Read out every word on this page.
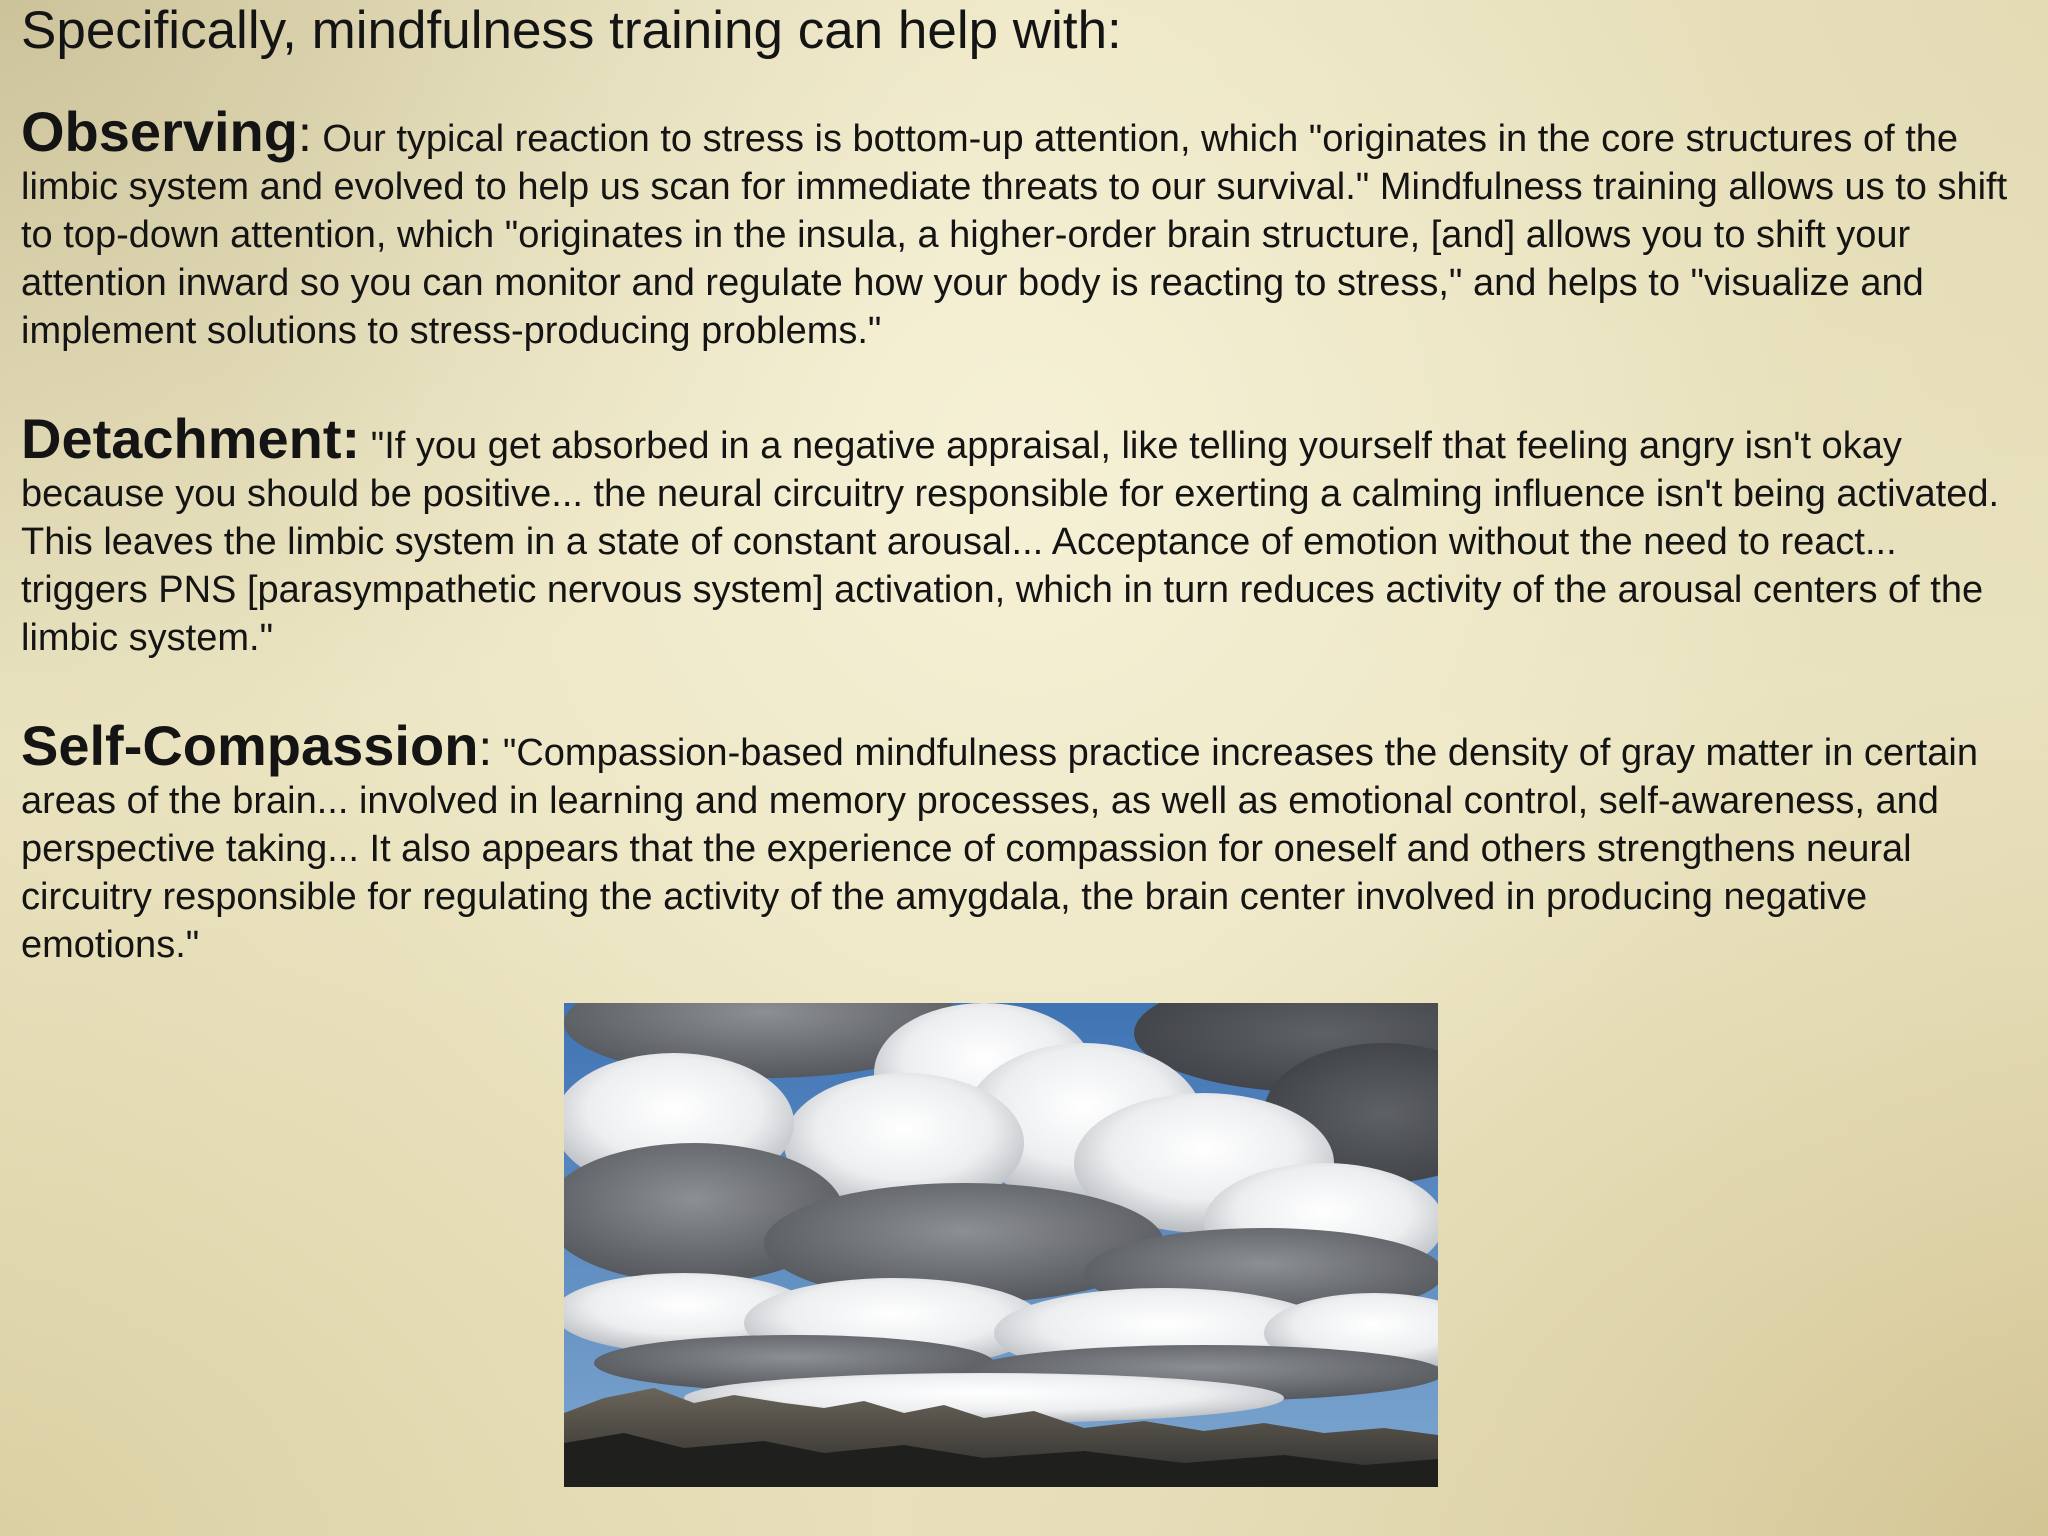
Specifically, mindfulness training can help with:

Observing: Our typical reaction to stress is bottom-up attention, which "originates in the core structures of the limbic system and evolved to help us scan for immediate threats to our survival." Mindfulness training allows us to shift to top-down attention, which "originates in the insula, a higher-order brain structure, [and] allows you to shift your attention inward so you can monitor and regulate how your body is reacting to stress," and helps to "visualize and implement solutions to stress-producing problems."

Detachment: "If you get absorbed in a negative appraisal, like telling yourself that feeling angry isn't okay because you should be positive... the neural circuitry responsible for exerting a calming influence isn't being activated. This leaves the limbic system in a state of constant arousal... Acceptance of emotion without the need to react... triggers PNS [parasympathetic nervous system] activation, which in turn reduces activity of the arousal centers of the limbic system."

Self-Compassion: "Compassion-based mindfulness practice increases the density of gray matter in certain areas of the brain... involved in learning and memory processes, as well as emotional control, self-awareness, and perspective taking... It also appears that the experience of compassion for oneself and others strengthens neural circuitry responsible for regulating the activity of the amygdala, the brain center involved in producing negative emotions."
